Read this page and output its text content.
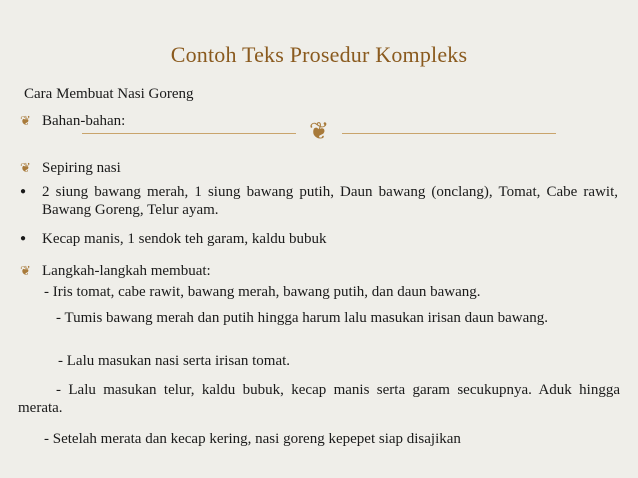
Contoh Teks Prosedur Kompleks
Cara Membuat Nasi Goreng
❦ Bahan-bahan:	❦
❦ Sepiring nasi
● 2 siung bawang merah, 1 siung bawang putih, Daun bawang (onclang), Tomat, Cabe rawit, Bawang Goreng, Telur ayam.
● Kecap manis, 1 sendok teh garam, kaldu bubuk
❦ Langkah-langkah membuat:
- Iris tomat, cabe rawit, bawang merah, bawang putih, dan daun bawang.
- Tumis bawang merah dan putih hingga harum lalu masukan irisan daun bawang.
- Lalu masukan nasi serta irisan tomat.
- Lalu masukan telur, kaldu bubuk, kecap manis serta garam secukupnya. Aduk hingga merata.
- Setelah merata dan kecap kering, nasi goreng kepepet siap disajikan
